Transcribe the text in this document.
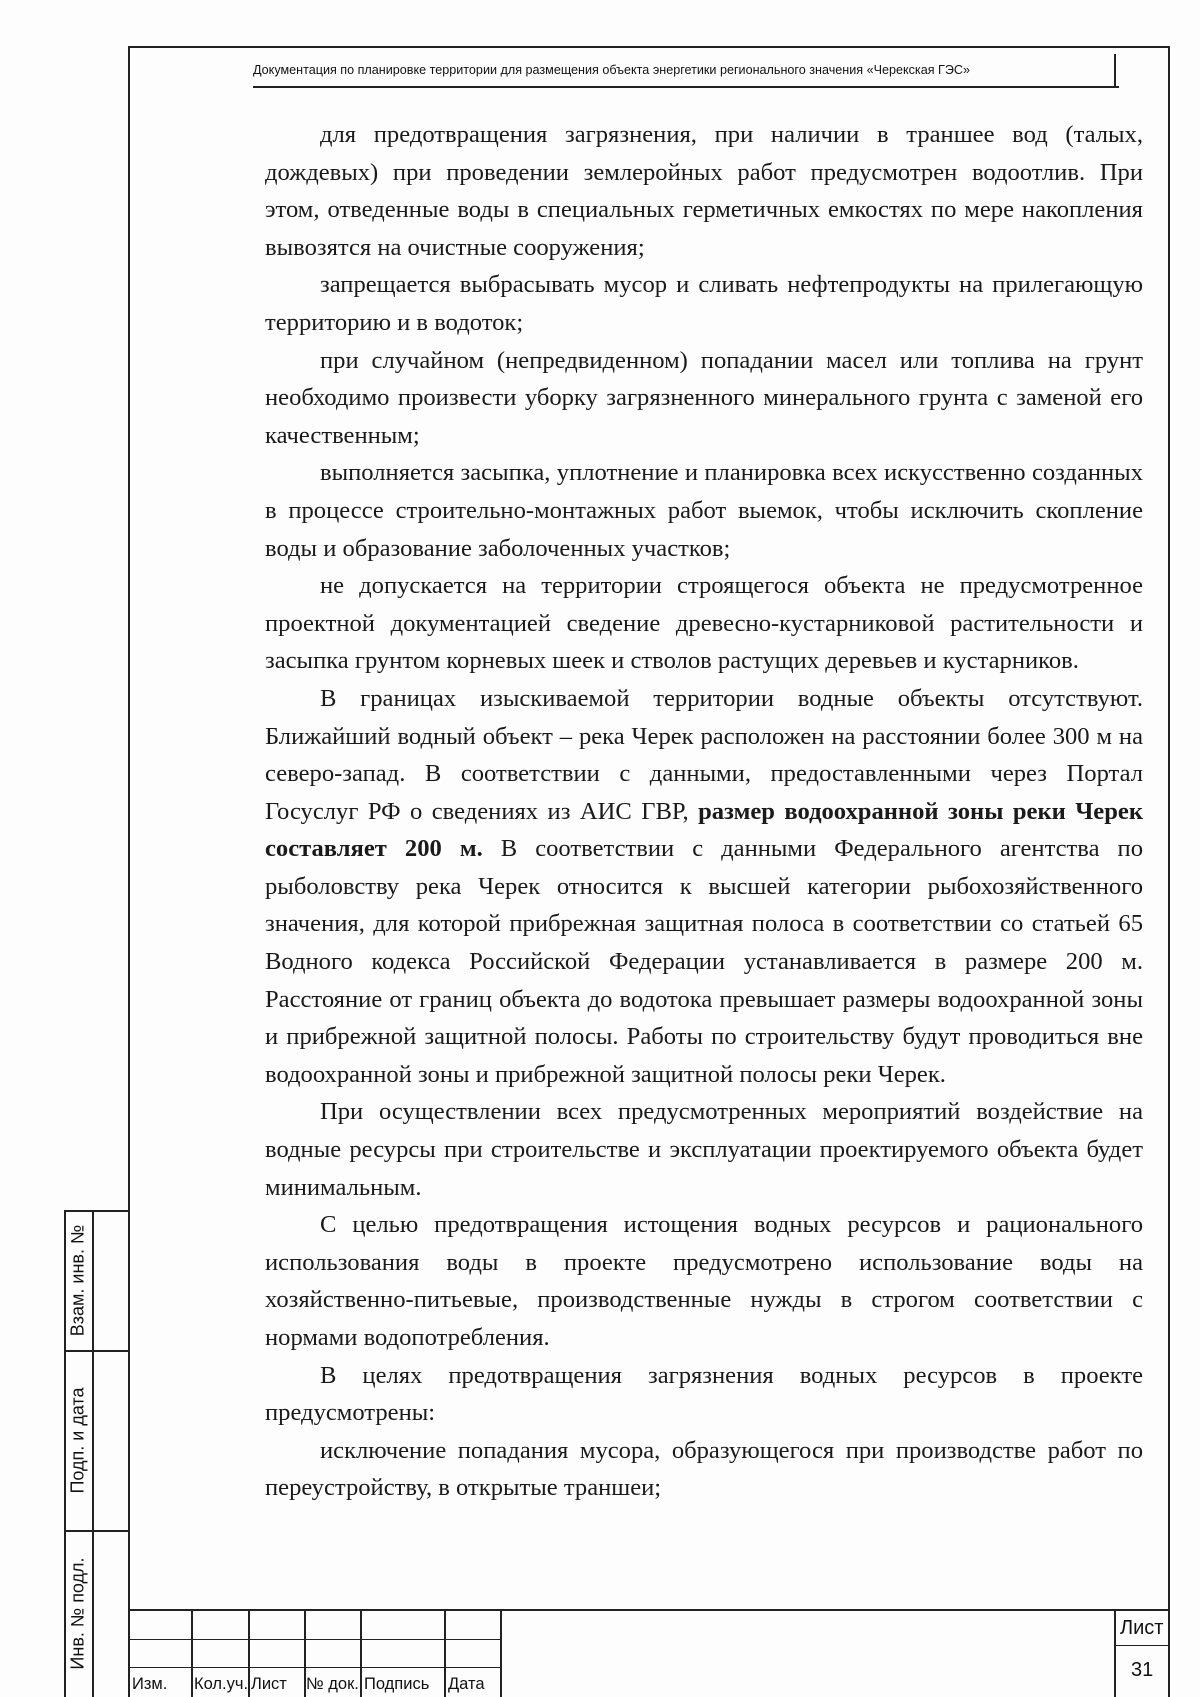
Документация по планировке территории для размещения объекта энергетики регионального значения «Черекская ГЭС»

для предотвращения загрязнения, при наличии в траншее вод (талых, дождевых) при проведении землеройных работ предусмотрен водоотлив. При этом, отведенные воды в специальных герметичных емкостях по мере накопления вывозятся на очистные сооружения;

запрещается выбрасывать мусор и сливать нефтепродукты на прилегающую территорию и в водоток;

при случайном (непредвиденном) попадании масел или топлива на грунт необходимо произвести уборку загрязненного минерального грунта с заменой его качественным;

выполняется засыпка, уплотнение и планировка всех искусственно созданных в процессе строительно-монтажных работ выемок, чтобы исключить скопление воды и образование заболоченных участков;

не допускается на территории строящегося объекта не предусмотренное проектной документацией сведение древесно-кустарниковой растительности и засыпка грунтом корневых шеек и стволов растущих деревьев и кустарников.

В границах изыскиваемой территории водные объекты отсутствуют. Ближайший водный объект – река Черек расположен на расстоянии более 300 м на северо-запад. В соответствии с данными, предоставленными через Портал Госуслуг РФ о сведениях из АИС ГВР, размер водоохранной зоны реки Черек составляет 200 м. В соответствии с данными Федерального агентства по рыболовству река Черек относится к высшей категории рыбохозяйственного значения, для которой прибрежная защитная полоса в соответствии со статьей 65 Водного кодекса Российской Федерации устанавливается в размере 200 м. Расстояние от границ объекта до водотока превышает размеры водоохранной зоны и прибрежной защитной полосы. Работы по строительству будут проводиться вне водоохранной зоны и прибрежной защитной полосы реки Черек.

При осуществлении всех предусмотренных мероприятий воздействие на водные ресурсы при строительстве и эксплуатации проектируемого объекта будет минимальным.

С целью предотвращения истощения водных ресурсов и рационального использования воды в проекте предусмотрено использование воды на хозяйственно-питьевые, производственные нужды в строгом соответствии с нормами водопотребления.

В целях предотвращения загрязнения водных ресурсов в проекте предусмотрены:

исключение попадания мусора, образующегося при производстве работ по переустройству, в открытые траншеи;

Взам. инв. №
Подп. и дата
Инв. № подл.
Изм. Кол.уч. Лист № док. Подпись Дата
Лист
31
